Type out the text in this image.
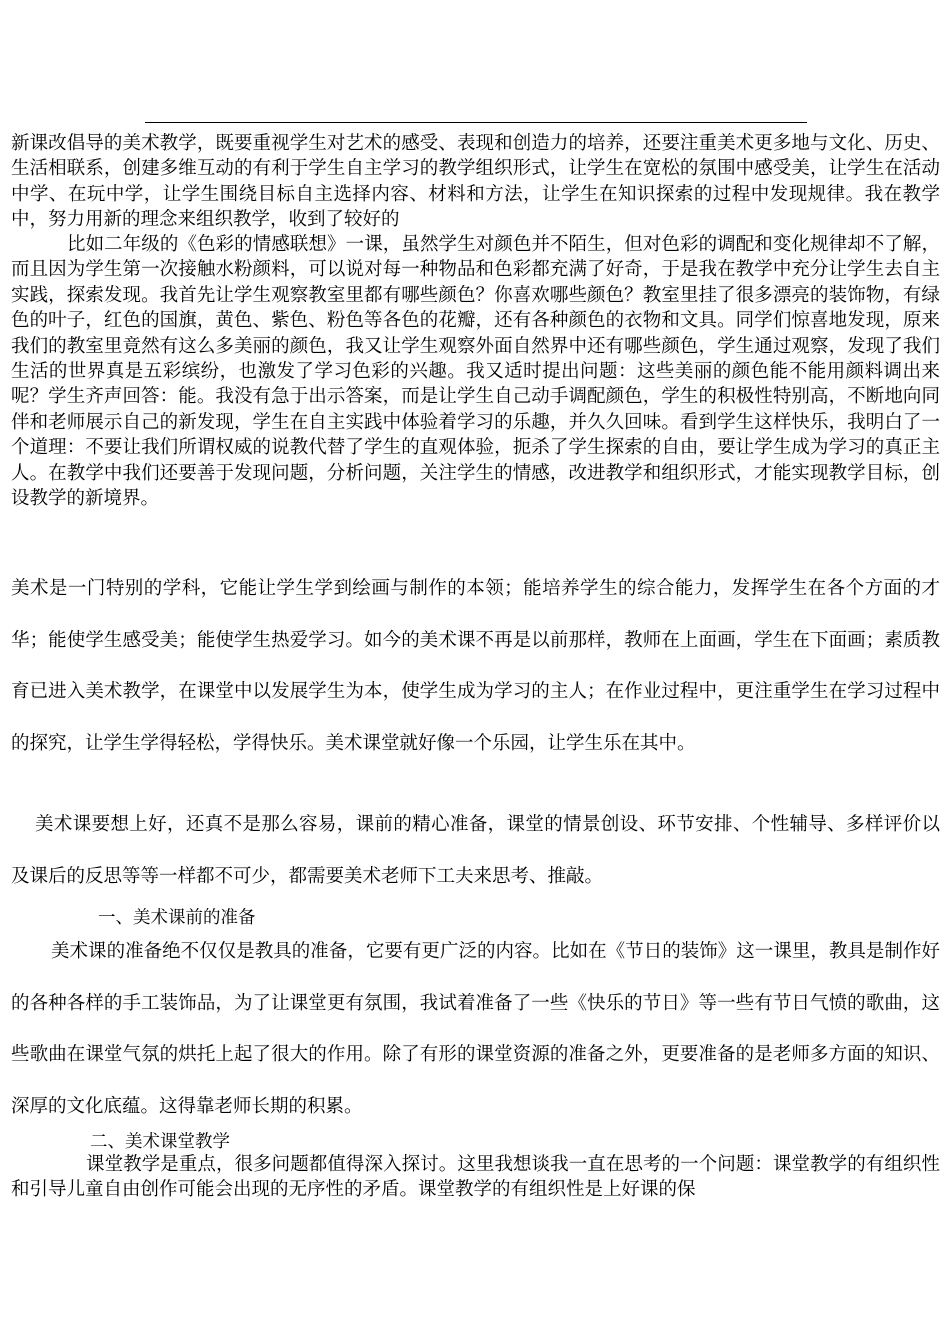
新课改倡导的美术教学，既要重视学生对艺术的感受、表现和创造力的培养，还要注重美术更多地与文化、历史、生活相联系，创建多维互动的有利于学生自主学习的教学组织形式，让学生在宽松的氛围中感受美，让学生在活动中学、在玩中学，让学生围绕目标自主选择内容、材料和方法，让学生在知识探索的过程中发现规律。我在教学中，努力用新的理念来组织教学，收到了较好的

比如二年级的《色彩的情感联想》一课，虽然学生对颜色并不陌生，但对色彩的调配和变化规律却不了解，而且因为学生第一次接触水粉颜料，可以说对每一种物品和色彩都充满了好奇，于是我在教学中充分让学生去自主实践，探索发现。我首先让学生观察教室里都有哪些颜色？你喜欢哪些颜色？教室里挂了很多漂亮的装饰物，有绿色的叶子，红色的国旗，黄色、紫色、粉色等各色的花瓣，还有各种颜色的衣物和文具。同学们惊喜地发现，原来我们的教室里竟然有这么多美丽的颜色，我又让学生观察外面自然界中还有哪些颜色，学生通过观察，发现了我们生活的世界真是五彩缤纷，也激发了学习色彩的兴趣。我又适时提出问题：这些美丽的颜色能不能用颜料调出来呢？学生齐声回答：能。我没有急于出示答案，而是让学生自己动手调配颜色，学生的积极性特别高，不断地向同伴和老师展示自己的新发现，学生在自主实践中体验着学习的乐趣，并久久回味。看到学生这样快乐，我明白了一个道理：不要让我们所谓权威的说教代替了学生的直观体验，扼杀了学生探索的自由，要让学生成为学习的真正主人。在教学中我们还要善于发现问题，分析问题，关注学生的情感，改进教学和组织形式，才能实现教学目标，创设教学的新境界。

美术是一门特别的学科，它能让学生学到绘画与制作的本领；能培养学生的综合能力，发挥学生在各个方面的才华；能使学生感受美；能使学生热爱学习。如今的美术课不再是以前那样，教师在上面画，学生在下面画；素质教育已进入美术教学，在课堂中以发展学生为本，使学生成为学习的主人；在作业过程中，更注重学生在学习过程中的探究，让学生学得轻松，学得快乐。美术课堂就好像一个乐园，让学生乐在其中。

美术课要想上好，还真不是那么容易，课前的精心准备，课堂的情景创设、环节安排、个性辅导、多样评价以及课后的反思等等一样都不可少，都需要美术老师下工夫来思考、推敲。

一、美术课前的准备

美术课的准备绝不仅仅是教具的准备，它要有更广泛的内容。比如在《节日的装饰》这一课里，教具是制作好的各种各样的手工装饰品，为了让课堂更有氛围，我试着准备了一些《快乐的节日》等一些有节日气愤的歌曲，这些歌曲在课堂气氛的烘托上起了很大的作用。除了有形的课堂资源的准备之外，更要准备的是老师多方面的知识、深厚的文化底蕴。这得靠老师长期的积累。

二、美术课堂教学

课堂教学是重点，很多问题都值得深入探讨。这里我想谈我一直在思考的一个问题：课堂教学的有组织性和引导儿童自由创作可能会出现的无序性的矛盾。课堂教学的有组织性是上好课的保
